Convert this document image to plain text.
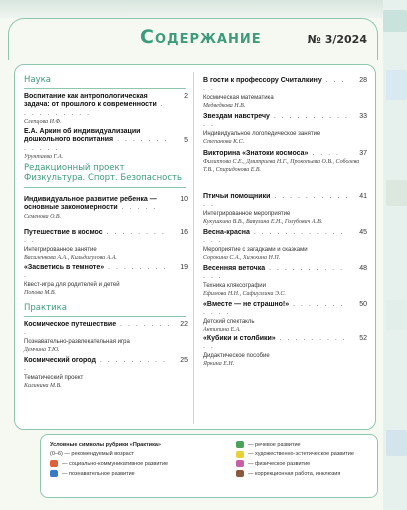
Содержание	№ 3/2024
Наука
Воспитание как антропологическая задача: от прошлого к современности . . . . . . . . . .
2
Слепцова И.Ф.
Е.А. Аркин об индивидуализации дошкольного воспитания . . . . . . . . . . . .
5
Урунтаева Г.А.
Редакционный проект
Физкультура. Спорт. Безопасность
Индивидуальное развитие ребенка — основные закономерности . . . . .
10
Семенова О.В.
Путешествие в космос . . . . . . . . . .
16
Интегрированное занятие
Василенкова А.А., Кильдигулова А.А.
«Засветись в темноте» . . . . . . . . .
19
Квест-игра для родителей и детей
Попова М.В.
Практика
Космическое путешествие . . . . . . . .
22
Познавательно-развлекательная игра
Демчина Т.Ю.
Космический огород . . . . . . . . . .
25
Тематический проект
Калинина М.В.
В гости к профессору Считалкину . . . . .
28
Космическая математика
Медведкова Н.В.
Звездам навстречу . . . . . . . . . . . .
33
Индивидуальное логопедическое занятие
Степанова К.С.
Викторина «Знатоки космоса» . . . .	37
Филиппова С.Е., Дмитриева Н.Г., Прокопьева О.В., Соболева Т.В., Спиридонова Е.В.
Птичьи помощники . . . . . . . . . . . .
41
Интегрированное мероприятие
Кукушкина В.В., Вавулина Е.Н., Голубович А.В.
Весна-красна . . . . . . . . . . . . . . .
45
Мероприятие с загадками и сказками
Сорокина С.А., Хижкина Н.П.
Весенняя веточка . . . . . . . . . . . . .
48
Техника кляксографии
Ефимова Н.Н., Сафиуллина Э.С.
«Вместе — не страшно!» . . . . . . . . . . .
50
Детский спектакль
Антипина Е.А.
«Кубики и столбики» . . . . . . . . . . .
52
Дидактическое пособие
Яркина Е.Н.
Условные символы рубрики «Практика»
(0–6) — рекомендуемый возраст
— социально-коммуникативное развитие
— познавательное развитие
— речевое развитие
— художественно-эстетическое развитие
— физическое развитие
— коррекционная работа, инклюзия
